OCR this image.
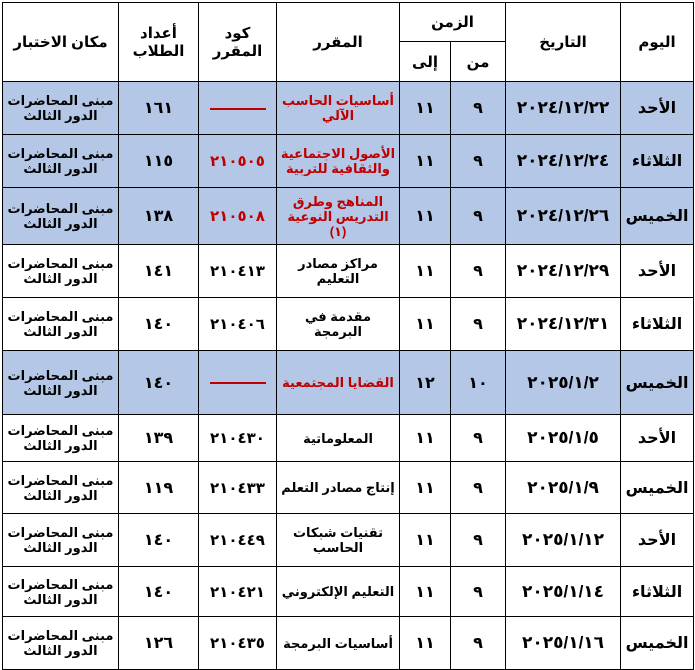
اليوم	التاريخ	الزمن		المقرر	كود المقرر	أعداد الطلاب	مكان الاختبار
		من	إلى				
الأحد	٢٠٢٤/١٢/٢٢	٩	١١	أساسيات الحاسب الآلي		١٦١	مبنى المحاضرات الدور الثالث
الثلاثاء	٢٠٢٤/١٢/٢٤	٩	١١	الأصول الاجتماعية والثقافية للتربية	٢١٠٥٠٥	١١٥	مبنى المحاضرات الدور الثالث
الخميس	٢٠٢٤/١٢/٢٦	٩	١١	المناهج وطرق التدريس النوعية (١)	٢١٠٥٠٨	١٣٨	مبنى المحاضرات الدور الثالث
الأحد	٢٠٢٤/١٢/٢٩	٩	١١	مراكز مصادر التعليم	٢١٠٤١٣	١٤١	مبنى المحاضرات الدور الثالث
الثلاثاء	٢٠٢٤/١٢/٣١	٩	١١	مقدمة في البرمجة	٢١٠٤٠٦	١٤٠	مبنى المحاضرات الدور الثالث
الخميس	٢٠٢٥/١/٢	١٠	١٢	القضايا المجتمعية		١٤٠	مبنى المحاضرات الدور الثالث
الأحد	٢٠٢٥/١/٥	٩	١١	المعلوماتية	٢١٠٤٣٠	١٣٩	مبنى المحاضرات الدور الثالث
الخميس	٢٠٢٥/١/٩	٩	١١	إنتاج مصادر التعلم	٢١٠٤٣٣	١١٩	مبنى المحاضرات الدور الثالث
الأحد	٢٠٢٥/١/١٢	٩	١١	تقنيات شبكات الحاسب	٢١٠٤٤٩	١٤٠	مبنى المحاضرات الدور الثالث
الثلاثاء	٢٠٢٥/١/١٤	٩	١١	التعليم الإلكتروني	٢١٠٤٢١	١٤٠	مبنى المحاضرات الدور الثالث
الخميس	٢٠٢٥/١/١٦	٩	١١	أساسيات البرمجة	٢١٠٤٣٥	١٢٦	مبنى المحاضرات الدور الثالث
